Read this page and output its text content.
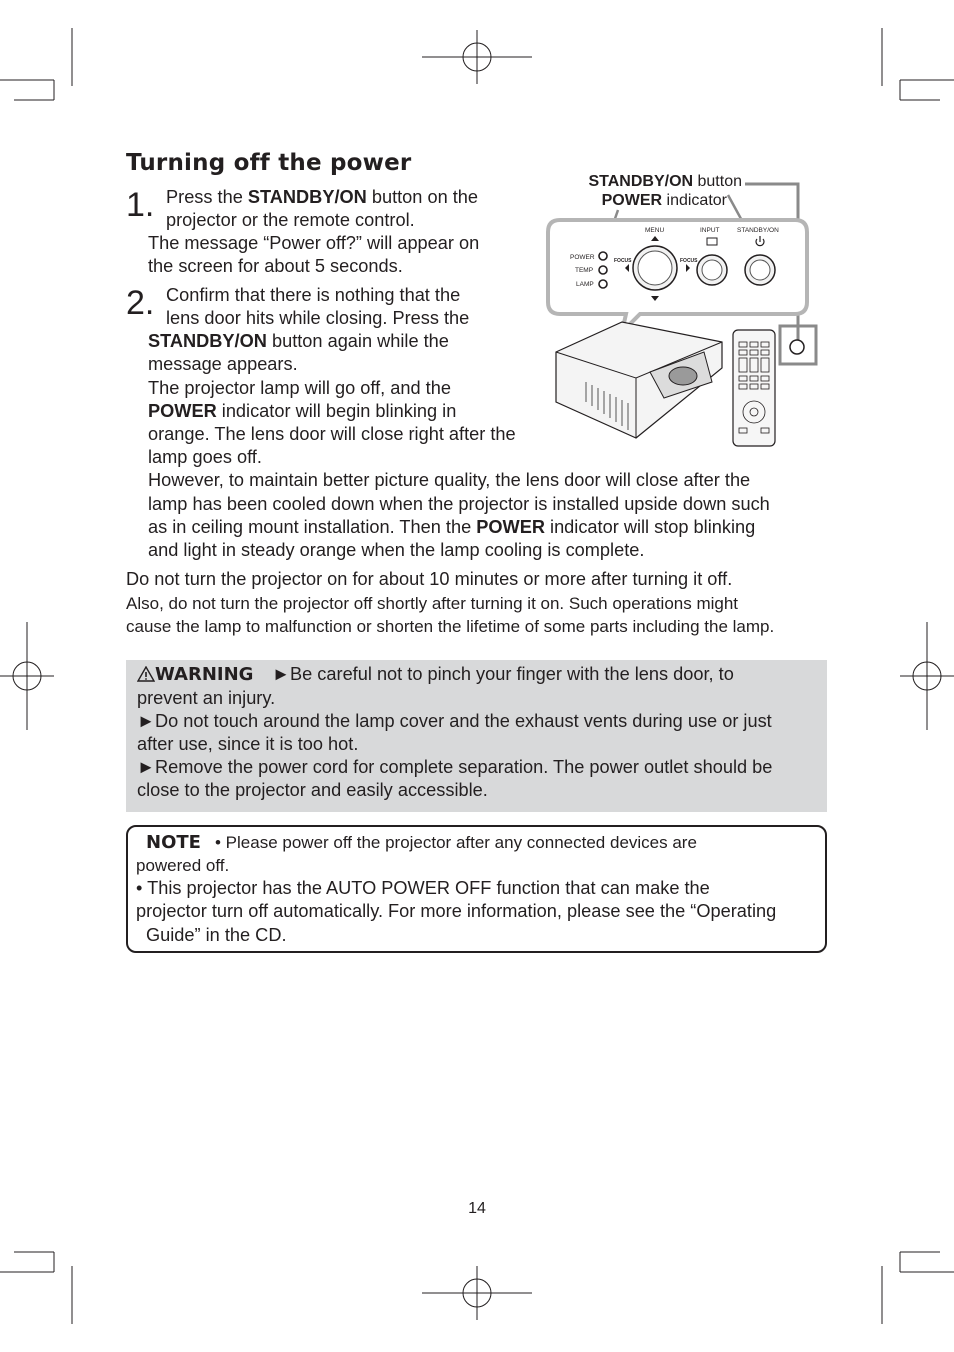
Turning off the power
1. Press the STANDBY/ON button on the
projector or the remote control.
The message “Power off?” will appear on
the screen for about 5 seconds.
2. Confirm that there is nothing that the
lens door hits while closing. Press the
STANDBY/ON button again while the
message appears.
The projector lamp will go off, and the
POWER indicator will begin blinking in
orange. The lens door will close right after the
lamp goes off.
However, to maintain better picture quality, the lens door will close after the
lamp has been cooled down when the projector is installed upside down such
as in ceiling mount installation. Then the POWER indicator will stop blinking
and light in steady orange when the lamp cooling is complete.
Do not turn the projector on for about 10 minutes or more after turning it off.
Also, do not turn the projector off shortly after turning it on. Such operations might
cause the lamp to malfunction or shorten the lifetime of some parts including the lamp.
WARNING ►Be careful not to pinch your finger with the lens door, to
prevent an injury.
►Do not touch around the lamp cover and the exhaust vents during use or just
after use, since it is too hot.
►Remove the power cord for complete separation. The power outlet should be
close to the projector and easily accessible.
NOTE • Please power off the projector after any connected devices are
powered off.
• This projector has the AUTO POWER OFF function that can make the
projector turn off automatically. For more information, please see the “Operating
Guide” in the CD.
STANDBY/ON button
POWER indicator
POWER
TEMP
LAMP
FOCUS	FOCUS
MENU	INPUT	STANDBY/ON
14
